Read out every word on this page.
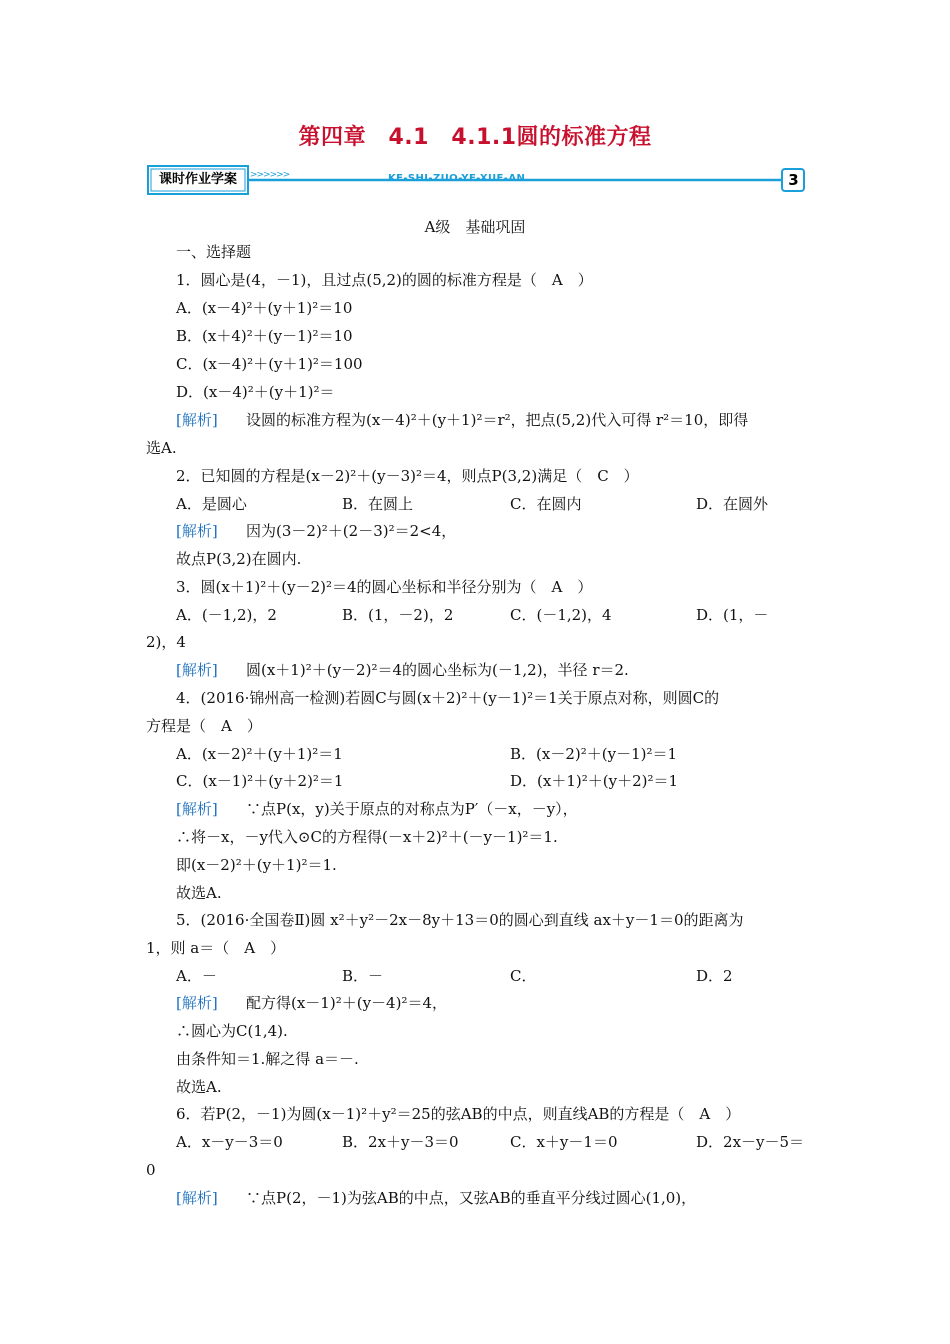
第四章　4.1　4.1.1圆的标准方程
课时作业学案	>>>>>>	KE-SHI-ZUO-YE-XUE-AN	3
A级　基础巩固
一、选择题
1．圆心是(4，－1)，且过点(5,2)的圆的标准方程是（　A　）
A．(x－4)²＋(y＋1)²＝10
B．(x＋4)²＋(y－1)²＝10
C．(x－4)²＋(y＋1)²＝100
D．(x－4)²＋(y＋1)²＝
[解析] 设圆的标准方程为(x－4)²＋(y＋1)²＝r²，把点(5,2)代入可得 r²＝10，即得
选A.
2．已知圆的方程是(x－2)²＋(y－3)²＝4，则点P(3,2)满足（　C　）
A．是圆心	B．在圆上	C．在圆内	D．在圆外
[解析] 因为(3－2)²＋(2－3)²＝2<4，
故点P(3,2)在圆内.
3．圆(x＋1)²＋(y－2)²＝4的圆心坐标和半径分别为（　A　）
A．(－1,2)，2	B．(1，－2)，2	C．(－1,2)，4	D．(1，－
2)，4
[解析] 圆(x＋1)²＋(y－2)²＝4的圆心坐标为(－1,2)，半径 r＝2.
4．(2016·锦州高一检测)若圆C与圆(x＋2)²＋(y－1)²＝1关于原点对称，则圆C的
方程是（　A　）
A．(x－2)²＋(y＋1)²＝1	B．(x－2)²＋(y－1)²＝1
C．(x－1)²＋(y＋2)²＝1	D．(x＋1)²＋(y＋2)²＝1
[解析] ∵点P(x，y)关于原点的对称点为P′（－x，－y），
∴将－x，－y代入⊙C的方程得(－x＋2)²＋(－y－1)²＝1.
即(x－2)²＋(y＋1)²＝1.
故选A.
5．(2016·全国卷Ⅱ)圆 x²＋y²－2x－8y＋13＝0的圆心到直线 ax＋y－1＝0的距离为
1，则 a＝（　A　）
A．－	B．－	C．	D．2
[解析] 配方得(x－1)²＋(y－4)²＝4，
∴圆心为C(1,4).
由条件知＝1.解之得 a＝－.
故选A.
6．若P(2，－1)为圆(x－1)²＋y²＝25的弦AB的中点，则直线AB的方程是（　A　）
A．x－y－3＝0	B．2x＋y－3＝0	C．x＋y－1＝0	D．2x－y－5＝
0
[解析] ∵点P(2，－1)为弦AB的中点，又弦AB的垂直平分线过圆心(1,0)，
